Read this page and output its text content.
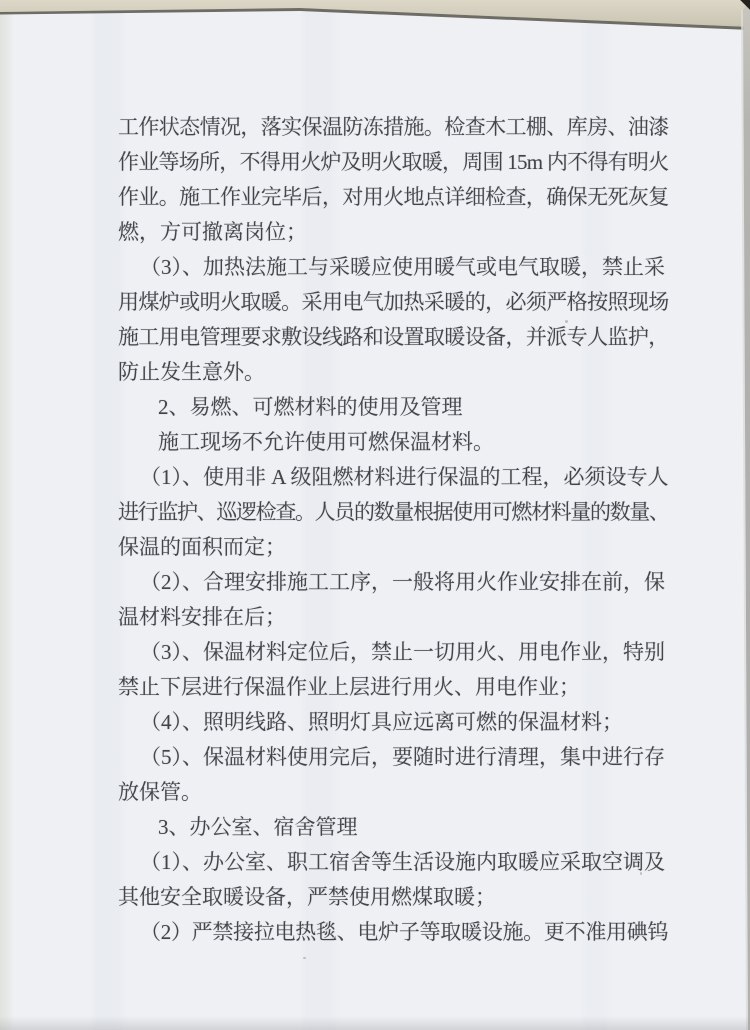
工作状态情况，落实保温防冻措施。检查木工棚、库房、油漆
作业等场所，不得用火炉及明火取暖，周围 15m 内不得有明火
作业。施工作业完毕后，对用火地点详细检查，确保无死灰复
燃，方可撤离岗位；
（3）、加热法施工与采暖应使用暖气或电气取暖，禁止采
用煤炉或明火取暖。采用电气加热采暖的，必须严格按照现场
施工用电管理要求敷设线路和设置取暖设备，并派专人监护，
防止发生意外。
2、易燃、可燃材料的使用及管理
施工现场不允许使用可燃保温材料。
（1）、使用非 A 级阻燃材料进行保温的工程，必须设专人
进行监护、巡逻检查。人员的数量根据使用可燃材料量的数量、
保温的面积而定；
（2）、合理安排施工工序，一般将用火作业安排在前，保
温材料安排在后；
（3）、保温材料定位后，禁止一切用火、用电作业，特别
禁止下层进行保温作业上层进行用火、用电作业；
（4）、照明线路、照明灯具应远离可燃的保温材料；
（5）、保温材料使用完后，要随时进行清理，集中进行存
放保管。
3、办公室、宿舍管理
（1）、办公室、职工宿舍等生活设施内取暖应采取空调及
其他安全取暖设备，严禁使用燃煤取暖；
（2）严禁接拉电热毯、电炉子等取暖设施。更不准用碘钨
